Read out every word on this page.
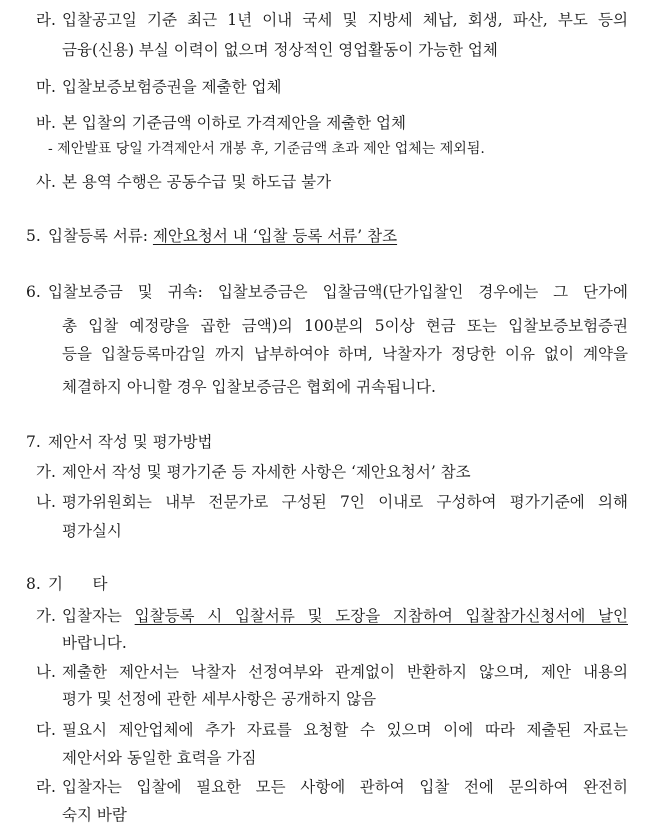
라. 입찰공고일 기준 최근 1년 이내 국세 및 지방세 체납, 회생, 파산, 부도 등의
금융(신용) 부실 이력이 없으며 정상적인 영업활동이 가능한 업체
마. 입찰보증보험증권을 제출한 업체
바. 본 입찰의 기준금액 이하로 가격제안을 제출한 업체
- 제안발표 당일 가격제안서 개봉 후, 기준금액 초과 제안 업체는 제외됨.
사. 본 용역 수행은 공동수급 및 하도급 불가
5. 입찰등록 서류: 제안요청서 내 ‘입찰 등록 서류’ 참조
6. 입찰보증금 및 귀속: 입찰보증금은 입찰금액(단가입찰인 경우에는 그 단가에
총 입찰 예정량을 곱한 금액)의 100분의 5이상 현금 또는 입찰보증보험증권
등을 입찰등록마감일 까지 납부하여야 하며, 낙찰자가 정당한 이유 없이 계약을
체결하지 아니할 경우 입찰보증금은 협회에 귀속됩니다.
7. 제안서 작성 및 평가방법
가. 제안서 작성 및 평가기준 등 자세한 사항은 ‘제안요청서’ 참조
나. 평가위원회는 내부 전문가로 구성된 7인 이내로 구성하여 평가기준에 의해
평가실시
8. 기      타
가. 입찰자는 입찰등록 시 입찰서류 및 도장을 지참하여 입찰참가신청서에 날인
바랍니다.
나. 제출한 제안서는 낙찰자 선정여부와 관계없이 반환하지 않으며, 제안 내용의
평가 및 선정에 관한 세부사항은 공개하지 않음
다. 필요시 제안업체에 추가 자료를 요청할 수 있으며 이에 따라 제출된 자료는
제안서와 동일한 효력을 가짐
라. 입찰자는 입찰에 필요한 모든 사항에 관하여 입찰 전에 문의하여 완전히
숙지 바람
